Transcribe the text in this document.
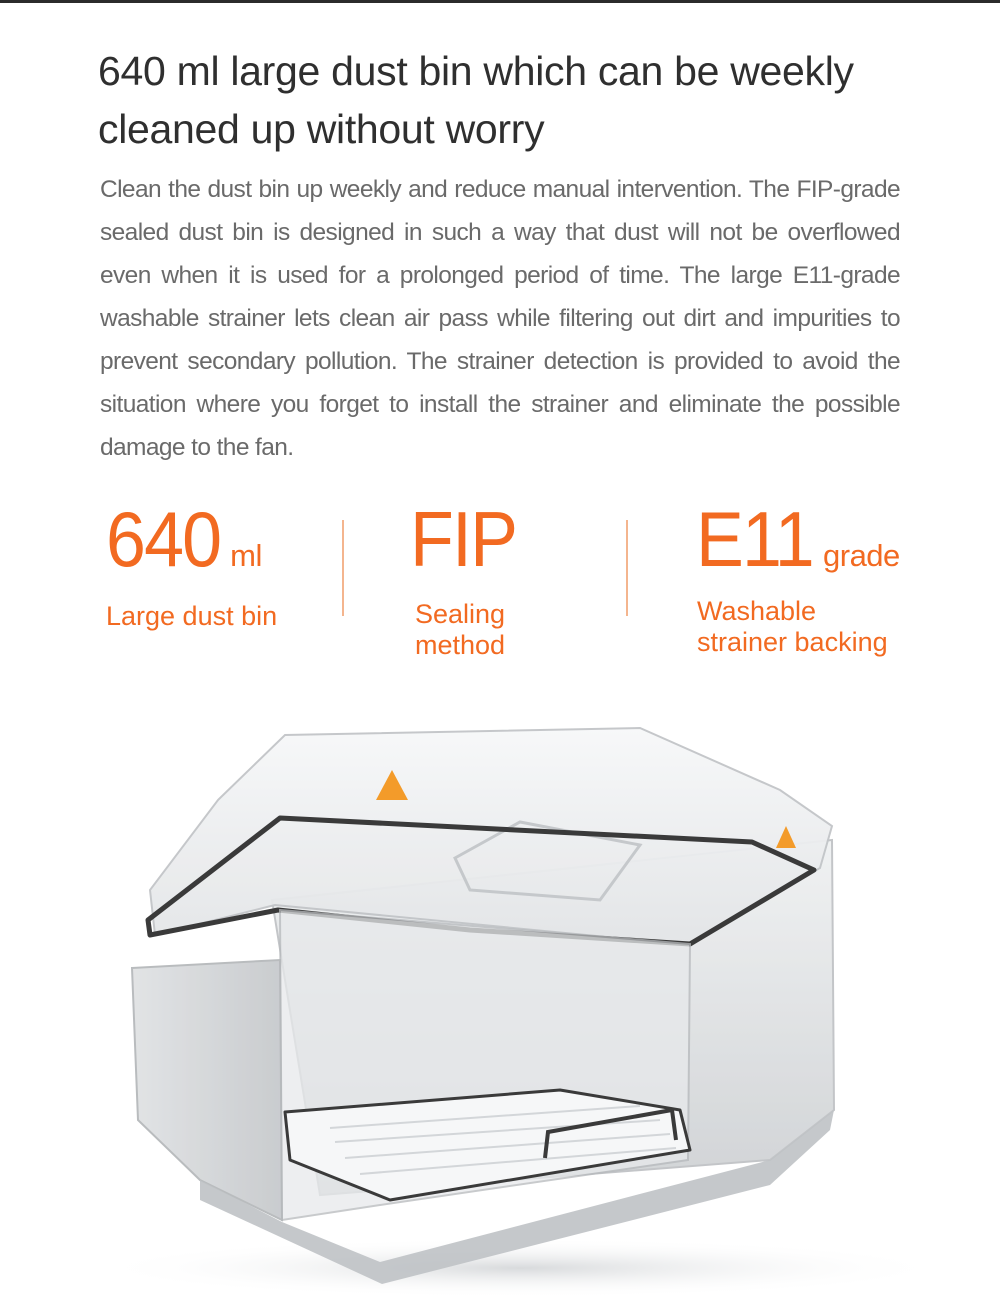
640 ml large dust bin which can be weekly cleaned up without worry

Clean the dust bin up weekly and reduce manual intervention. The FIP-grade sealed dust bin is designed in such a way that dust will not be overflowed even when it is used for a prolonged period of time. The large E11-grade washable strainer lets clean air pass while filtering out dirt and impurities to prevent secondary pollution. The strainer detection is provided to avoid the situation where you forget to install the strainer and eliminate the possible damage to the fan.

640 ml
Large dust bin
FIP
Sealing
method
E11 grade
Washable
strainer backing
